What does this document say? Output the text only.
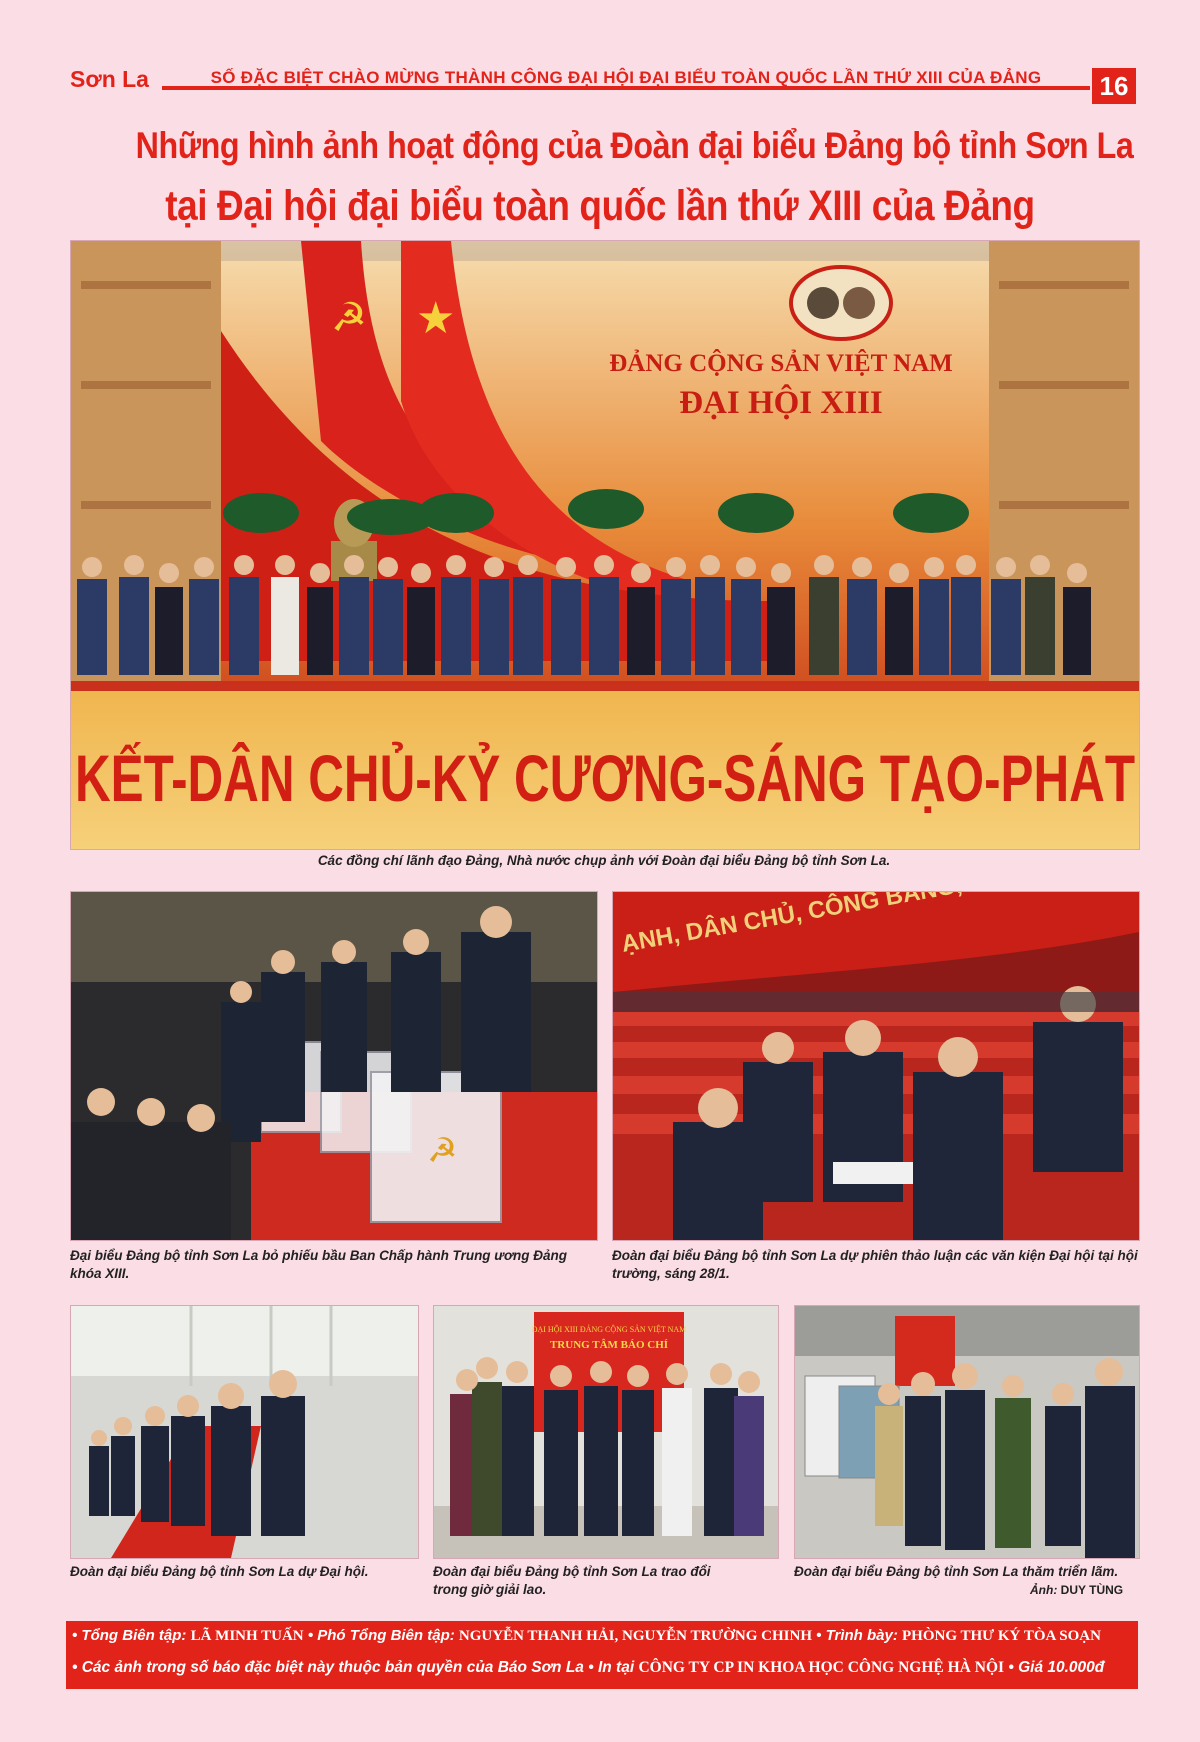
Sơn La	SỐ ĐẶC BIỆT CHÀO MỪNG THÀNH CÔNG ĐẠI HỘI ĐẠI BIỂU TOÀN QUỐC LẦN THỨ XIII CỦA ĐẢNG	16
Những hình ảnh hoạt động của Đoàn đại biểu Đảng bộ tỉnh Sơn La
tại Đại hội đại biểu toàn quốc lần thứ XIII của Đảng
☭ ★
ĐẢNG CỘNG SẢN VIỆT NAM
ĐẠI HỘI XIII
KẾT-DÂN CHỦ-KỶ CƯƠNG-SÁNG TẠO-PHÁT
Các đồng chí lãnh đạo Đảng, Nhà nước chụp ảnh với Đoàn đại biểu Đảng bộ tỉnh Sơn La.
☭
Đại biểu Đảng bộ tỉnh Sơn La bỏ phiếu bầu Ban Chấp hành Trung ương Đảng khóa XIII.
Đoàn đại biểu Đảng bộ tỉnh Sơn La dự phiên thảo luận các văn kiện Đại hội tại hội trường, sáng 28/1.
ĐẠI HỘI XIII ĐẢNG CỘNG SẢN VIỆT NAM
TRUNG TÂM BÁO CHÍ
Đoàn đại biểu Đảng bộ tỉnh Sơn La dự Đại hội.	Đoàn đại biểu Đảng bộ tỉnh Sơn La trao đổi trong giờ giải lao.
Đoàn đại biểu Đảng bộ tỉnh Sơn La thăm triển lãm.
Ảnh: DUY TÙNG
• Tổng Biên tập: LÃ MINH TUẤN • Phó Tổng Biên tập: NGUYỄN THANH HẢI, NGUYỄN TRƯỜNG CHINH • Trình bày: PHÒNG THƯ KÝ TÒA SOẠN
• Các ảnh trong số báo đặc biệt này thuộc bản quyền của Báo Sơn La • In tại CÔNG TY CP IN KHOA HỌC CÔNG NGHỆ HÀ NỘI • Giá 10.000đ
